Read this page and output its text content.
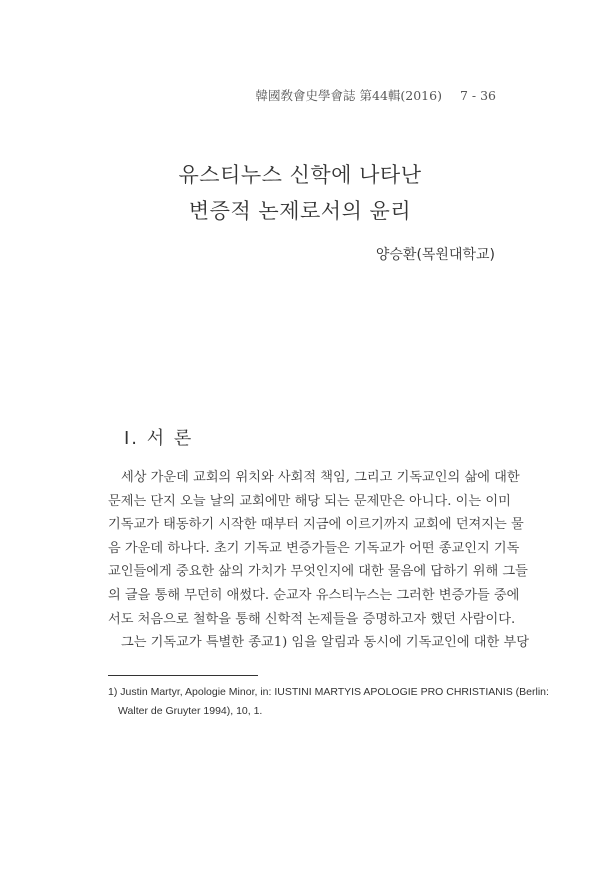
韓國敎會史學會誌 第44輯(2016) 7 - 36
유스티누스 신학에 나타난
변증적 논제로서의 윤리
양승환(목원대학교)
Ⅰ. 서 론
세상 가운데 교회의 위치와 사회적 책임, 그리고 기독교인의 삶에 대한
문제는 단지 오늘 날의 교회에만 해당 되는 문제만은 아니다. 이는 이미
기독교가 태동하기 시작한 때부터 지금에 이르기까지 교회에 던져지는 물
음 가운데 하나다. 초기 기독교 변증가들은 기독교가 어떤 종교인지 기독
교인들에게 중요한 삶의 가치가 무엇인지에 대한 물음에 답하기 위해 그들
의 글을 통해 무던히 애썼다. 순교자 유스티누스는 그러한 변증가들 중에
서도 처음으로 철학을 통해 신학적 논제들을 증명하고자 했던 사람이다.
그는 기독교가 특별한 종교1) 임을 알림과 동시에 기독교인에 대한 부당
1) Justin Martyr, Apologie Minor, in: IUSTINI MARTYIS APOLOGIE PRO CHRISTIANIS (Berlin:
Walter de Gruyter 1994), 10, 1.
